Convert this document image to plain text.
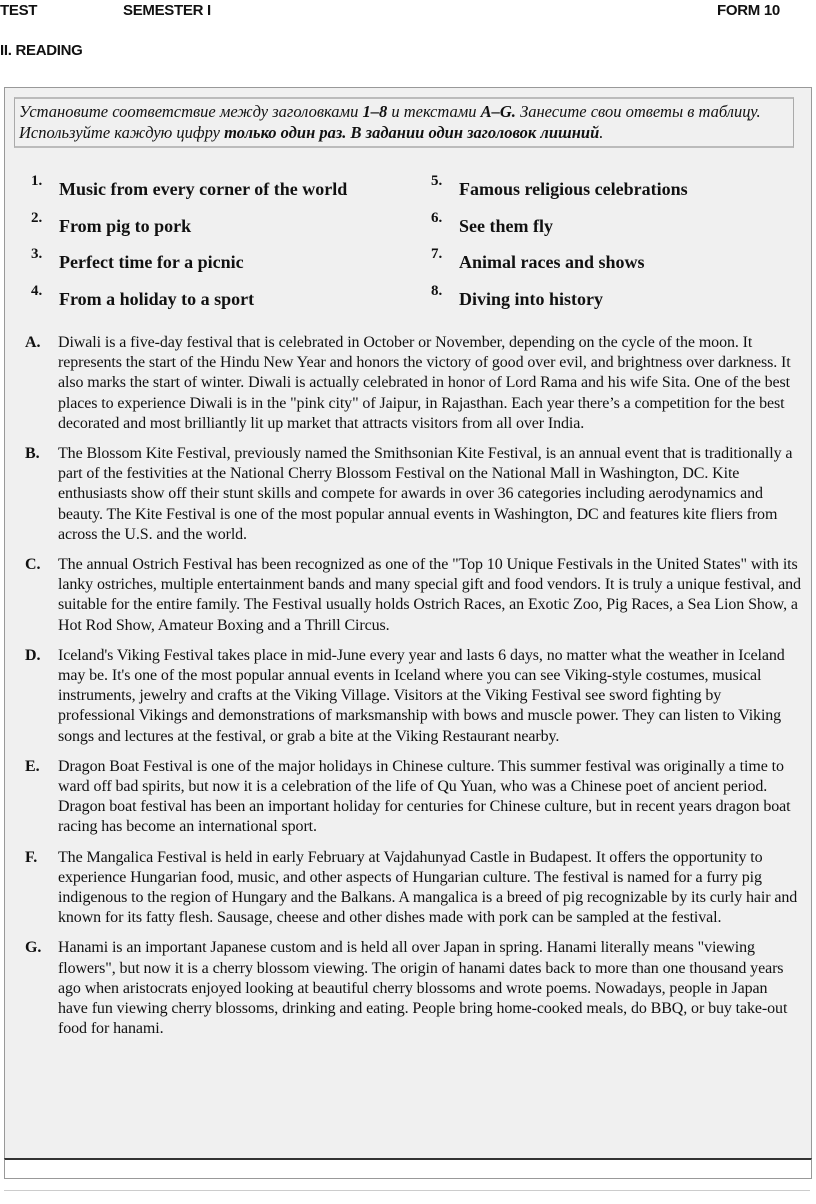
TEST	SEMESTER I	FORM 10
II. READING
Установите соответствие между заголовками 1–8 и текстами A–G. Занесите свои ответы в таблицу. Используйте каждую цифру только один раз. В задании один заголовок лишний.
1. Music from every corner of the world
2. From pig to pork
3. Perfect time for a picnic
4. From a holiday to a sport
5. Famous religious celebrations
6. See them fly
7. Animal races and shows
8. Diving into history
A. Diwali is a five-day festival that is celebrated in October or November, depending on the cycle of the moon. It represents the start of the Hindu New Year and honors the victory of good over evil, and brightness over darkness. It also marks the start of winter. Diwali is actually celebrated in honor of Lord Rama and his wife Sita. One of the best places to experience Diwali is in the "pink city" of Jaipur, in Rajasthan. Each year there’s a competition for the best decorated and most brilliantly lit up market that attracts visitors from all over India.
B. The Blossom Kite Festival, previously named the Smithsonian Kite Festival, is an annual event that is traditionally a part of the festivities at the National Cherry Blossom Festival on the National Mall in Washington, DC. Kite enthusiasts show off their stunt skills and compete for awards in over 36 categories including aerodynamics and beauty. The Kite Festival is one of the most popular annual events in Washington, DC and features kite fliers from across the U.S. and the world.
C. The annual Ostrich Festival has been recognized as one of the "Top 10 Unique Festivals in the United States" with its lanky ostriches, multiple entertainment bands and many special gift and food vendors. It is truly a unique festival, and suitable for the entire family. The Festival usually holds Ostrich Races, an Exotic Zoo, Pig Races, a Sea Lion Show, a Hot Rod Show, Amateur Boxing and a Thrill Circus.
D. Iceland's Viking Festival takes place in mid-June every year and lasts 6 days, no matter what the weather in Iceland may be. It's one of the most popular annual events in Iceland where you can see Viking-style costumes, musical instruments, jewelry and crafts at the Viking Village. Visitors at the Viking Festival see sword fighting by professional Vikings and demonstrations of marksmanship with bows and muscle power. They can listen to Viking songs and lectures at the festival, or grab a bite at the Viking Restaurant nearby.
E. Dragon Boat Festival is one of the major holidays in Chinese culture. This summer festival was originally a time to ward off bad spirits, but now it is a celebration of the life of Qu Yuan, who was a Chinese poet of ancient period. Dragon boat festival has been an important holiday for centuries for Chinese culture, but in recent years dragon boat racing has become an international sport.
F. The Mangalica Festival is held in early February at Vajdahunyad Castle in Budapest. It offers the opportunity to experience Hungarian food, music, and other aspects of Hungarian culture. The festival is named for a furry pig indigenous to the region of Hungary and the Balkans. A mangalica is a breed of pig recognizable by its curly hair and known for its fatty flesh. Sausage, cheese and other dishes made with pork can be sampled at the festival.
G. Hanami is an important Japanese custom and is held all over Japan in spring. Hanami literally means "viewing flowers", but now it is a cherry blossom viewing. The origin of hanami dates back to more than one thousand years ago when aristocrats enjoyed looking at beautiful cherry blossoms and wrote poems. Nowadays, people in Japan have fun viewing cherry blossoms, drinking and eating. People bring home-cooked meals, do BBQ, or buy take-out food for hanami.
